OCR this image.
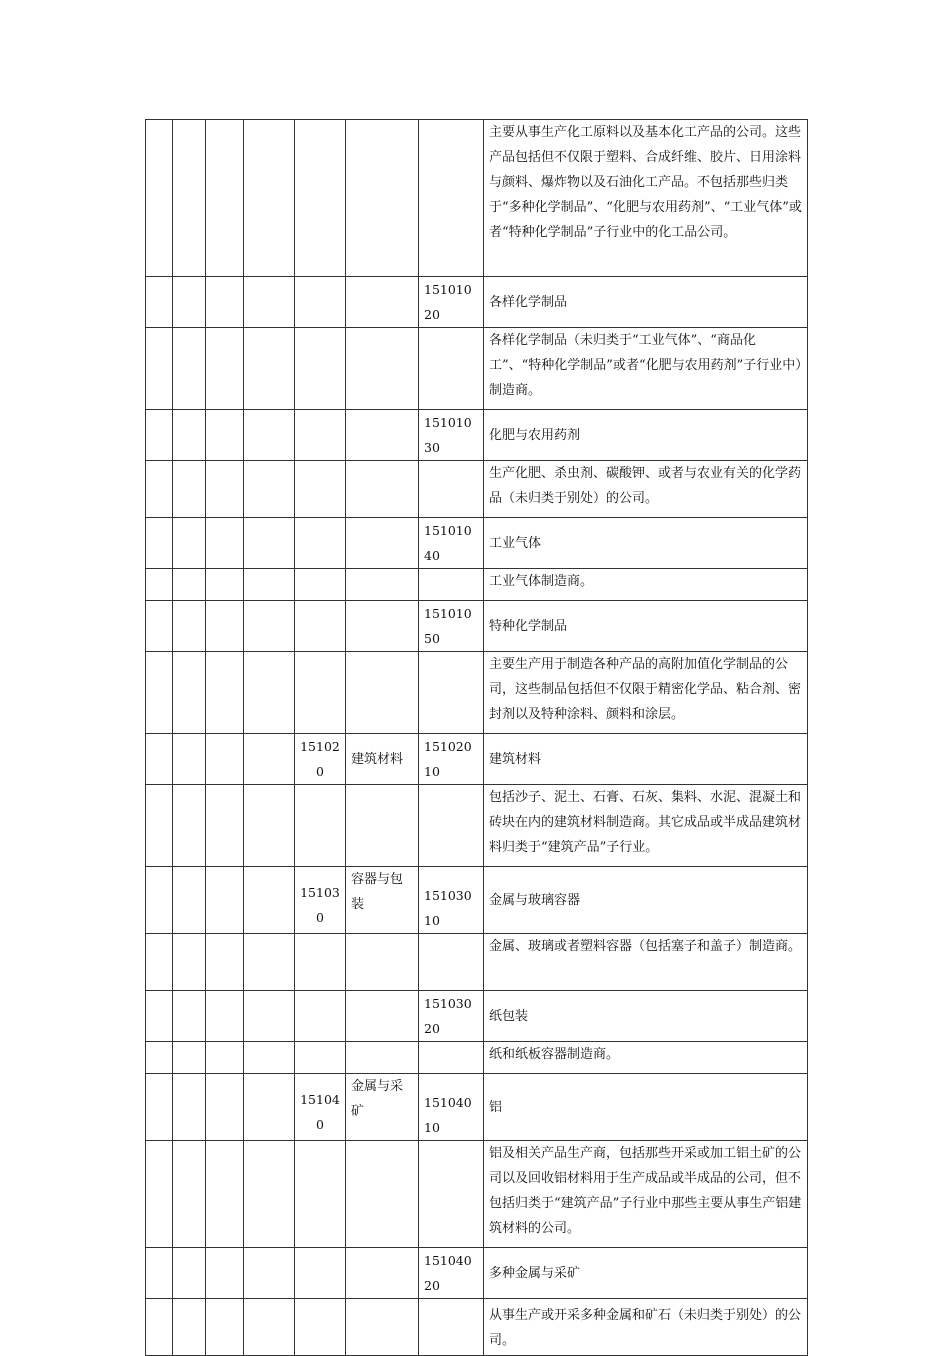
							主要从事生产化工原料以及基本化工产品的公司。这些产品包括但不仅限于塑料、合成纤维、胶片、日用涂料与颜料、爆炸物以及石油化工产品。不包括那些归类于“多种化学制品”、“化肥与农用药剂”、“工业气体”或者“特种化学制品”子行业中的化工品公司。
						15101020	各样化学制品
							各样化学制品（未归类于“工业气体”、“商品化工”、“特种化学制品”或者“化肥与农用药剂”子行业中）制造商。
						15101030	化肥与农用药剂
							生产化肥、杀虫剂、碳酸钾、或者与农业有关的化学药品（未归类于别处）的公司。
						15101040	工业气体
							工业气体制造商。
						15101050	特种化学制品
							主要生产用于制造各种产品的高附加值化学制品的公司，这些制品包括但不仅限于精密化学品、粘合剂、密封剂以及特种涂料、颜料和涂层。
				151020	建筑材料	15102010	建筑材料
							包括沙子、泥土、石膏、石灰、集料、水泥、混凝土和砖块在内的建筑材料制造商。其它成品或半成品建筑材料归类于“建筑产品”子行业。
				151030	容器与包装	15103010	金属与玻璃容器
							金属、玻璃或者塑料容器（包括塞子和盖子）制造商。
						15103020	纸包装
							纸和纸板容器制造商。
				151040	金属与采矿	15104010	铝
							铝及相关产品生产商，包括那些开采或加工铝土矿的公司以及回收铝材料用于生产成品或半成品的公司，但不包括归类于“建筑产品”子行业中那些主要从事生产铝建筑材料的公司。
						15104020	多种金属与采矿
							从事生产或开采多种金属和矿石（未归类于别处）的公司。
